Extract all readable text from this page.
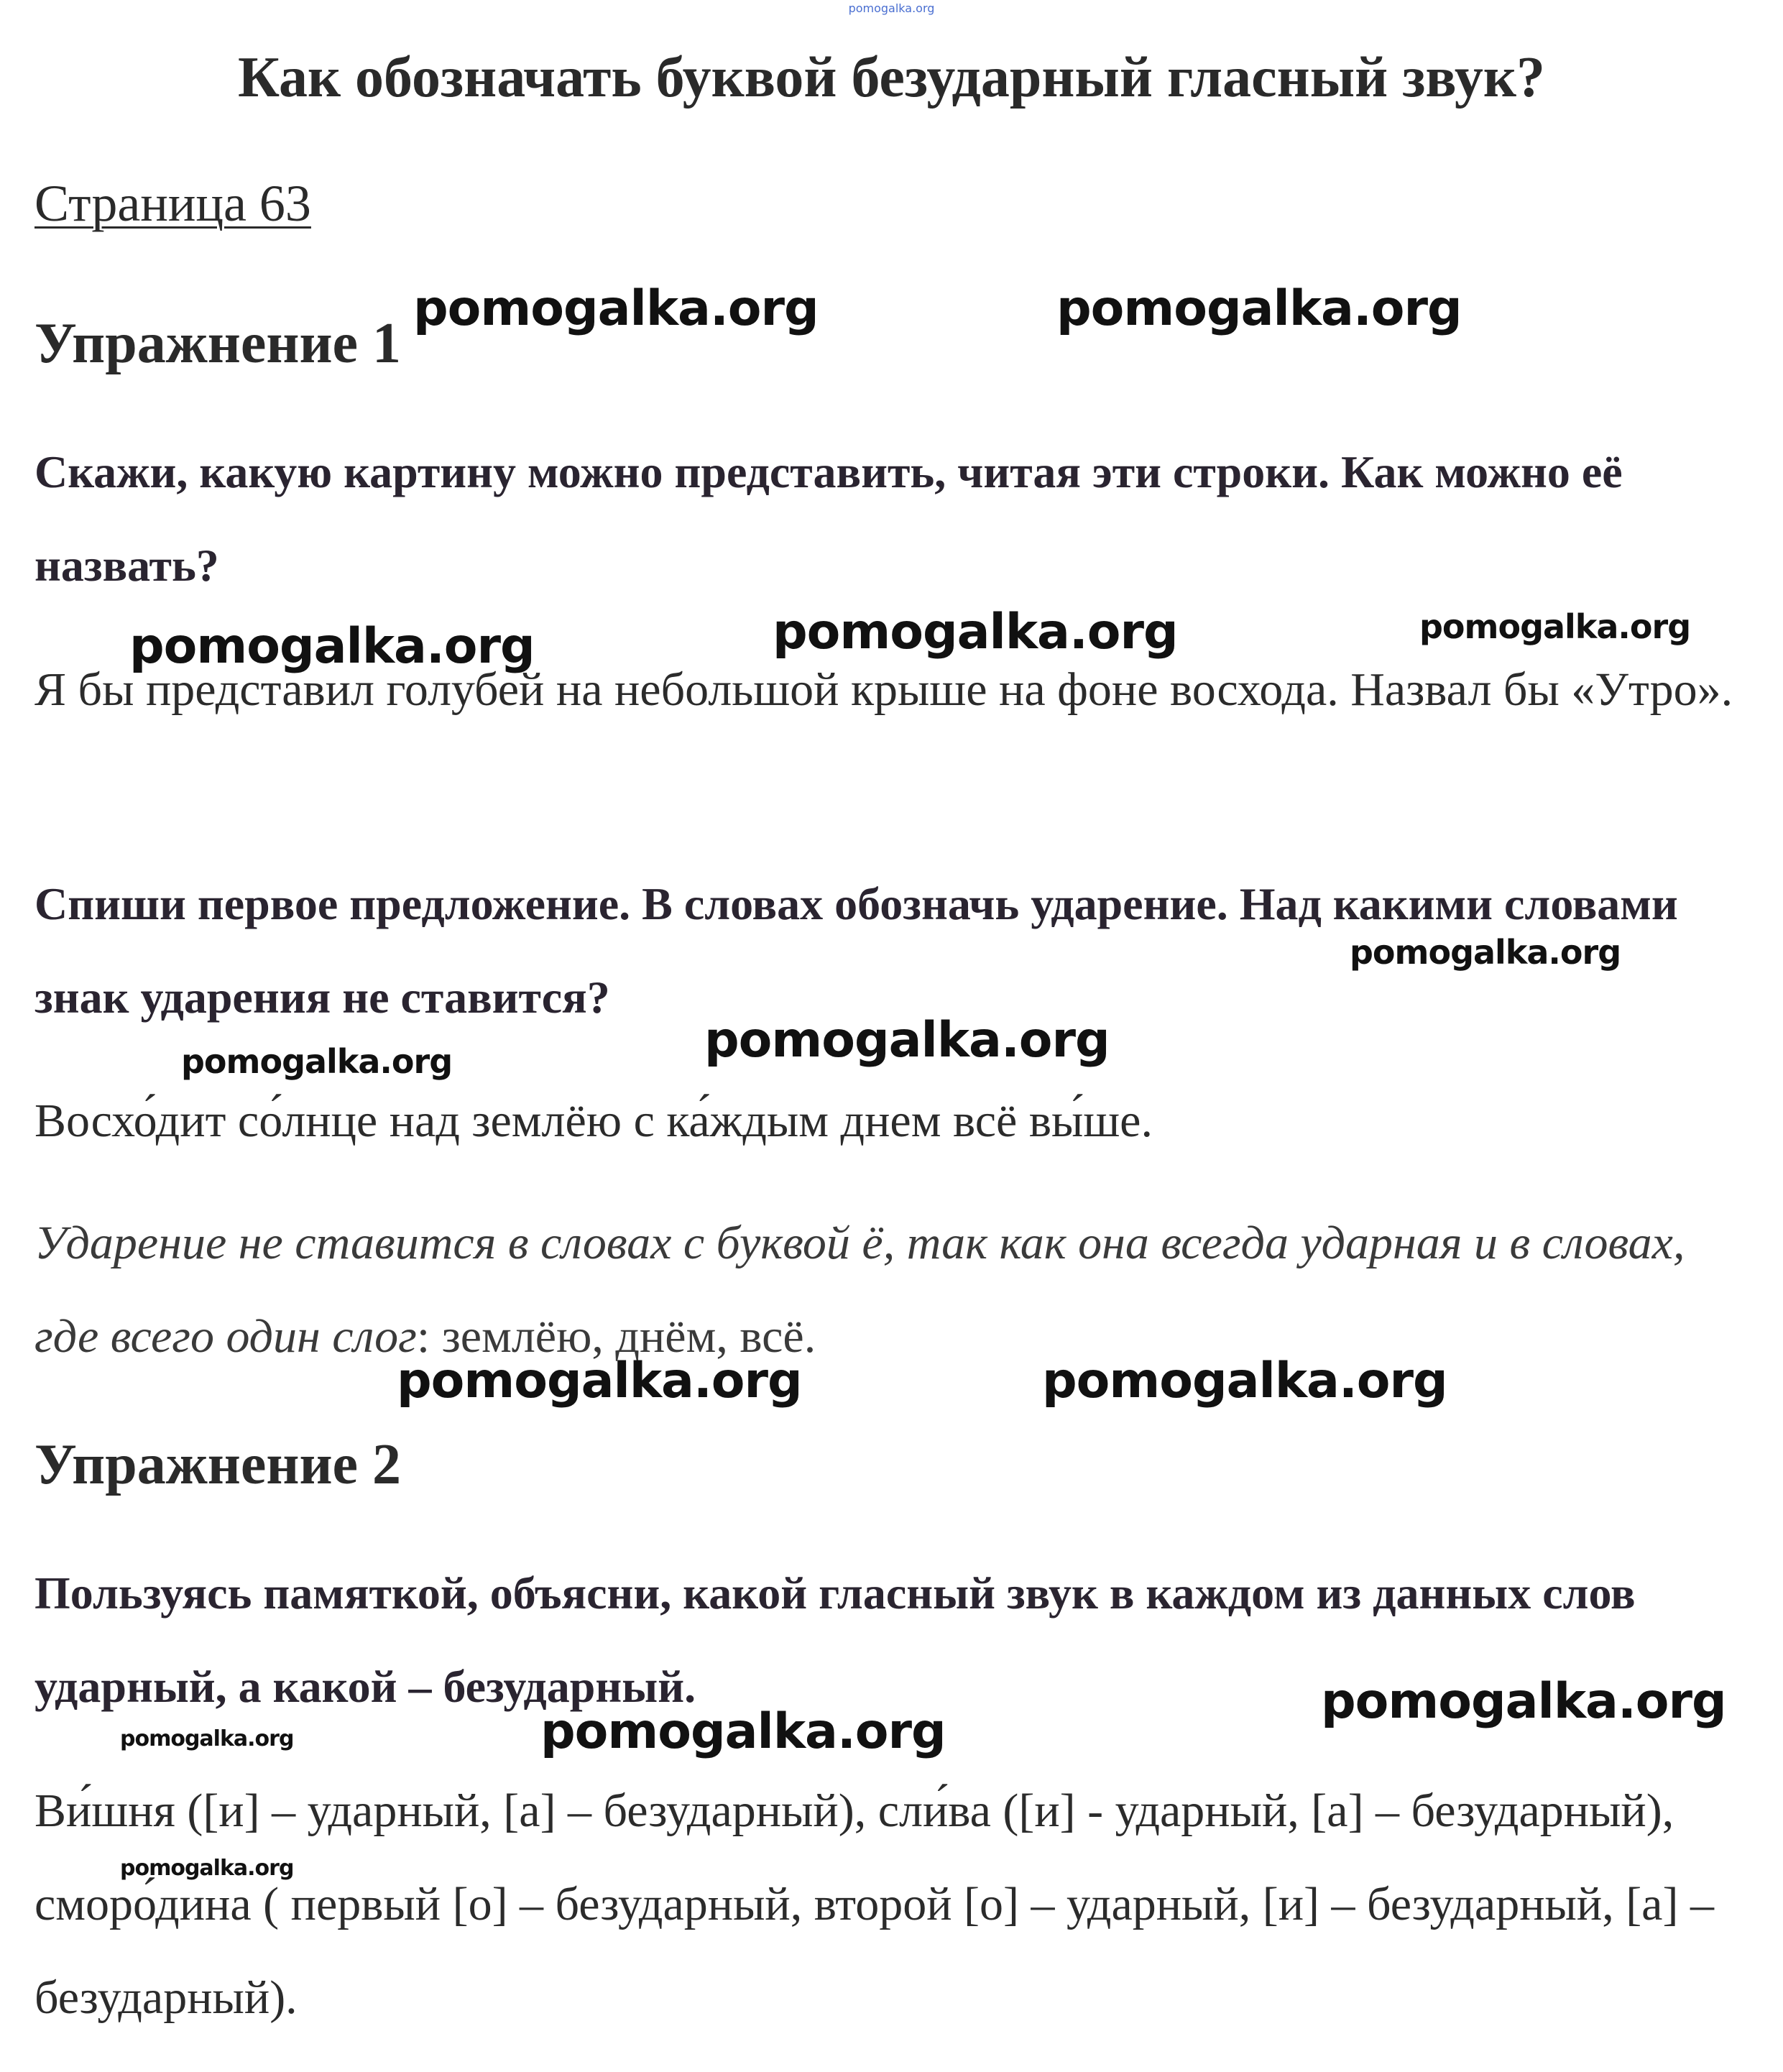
pomogalka.org
Как обозначать буквой безударный гласный звук?
Страница 63
Упражнение 1
Скажи, какую картину можно представить, читая эти строки. Как можно её назвать?
Я бы представил голубей на небольшой крыше на фоне восхода. Назвал бы «Утро».
Спиши первое предложение. В словах обозначь ударение. Над какими словами знак ударения не ставится?
Восхо́дит со́лнце над землёю с ка́ждым днем всё вы́ше.
Ударение не ставится в словах с буквой ё, так как она всегда ударная и в словах, где всего один слог: землёю, днём, всё.
Упражнение 2
Пользуясь памяткой, объясни, какой гласный звук в каждом из данных слов ударный, а какой – безударный.
Ви́шня ([и] – ударный, [а] – безударный), сли́ва ([и] - ударный, [а] – безударный), сморо́дина ( первый [о] – безударный, второй [о] – ударный, [и] – безударный, [а] – безударный).
pomogalka.org	pomogalka.org
pomogalka.org	pomogalka.org	pomogalka.org
pomogalka.org
pomogalka.org	pomogalka.org
pomogalka.org	pomogalka.org
pomogalka.org
pomogalka.org	pomogalka.org
pomogalka.org
